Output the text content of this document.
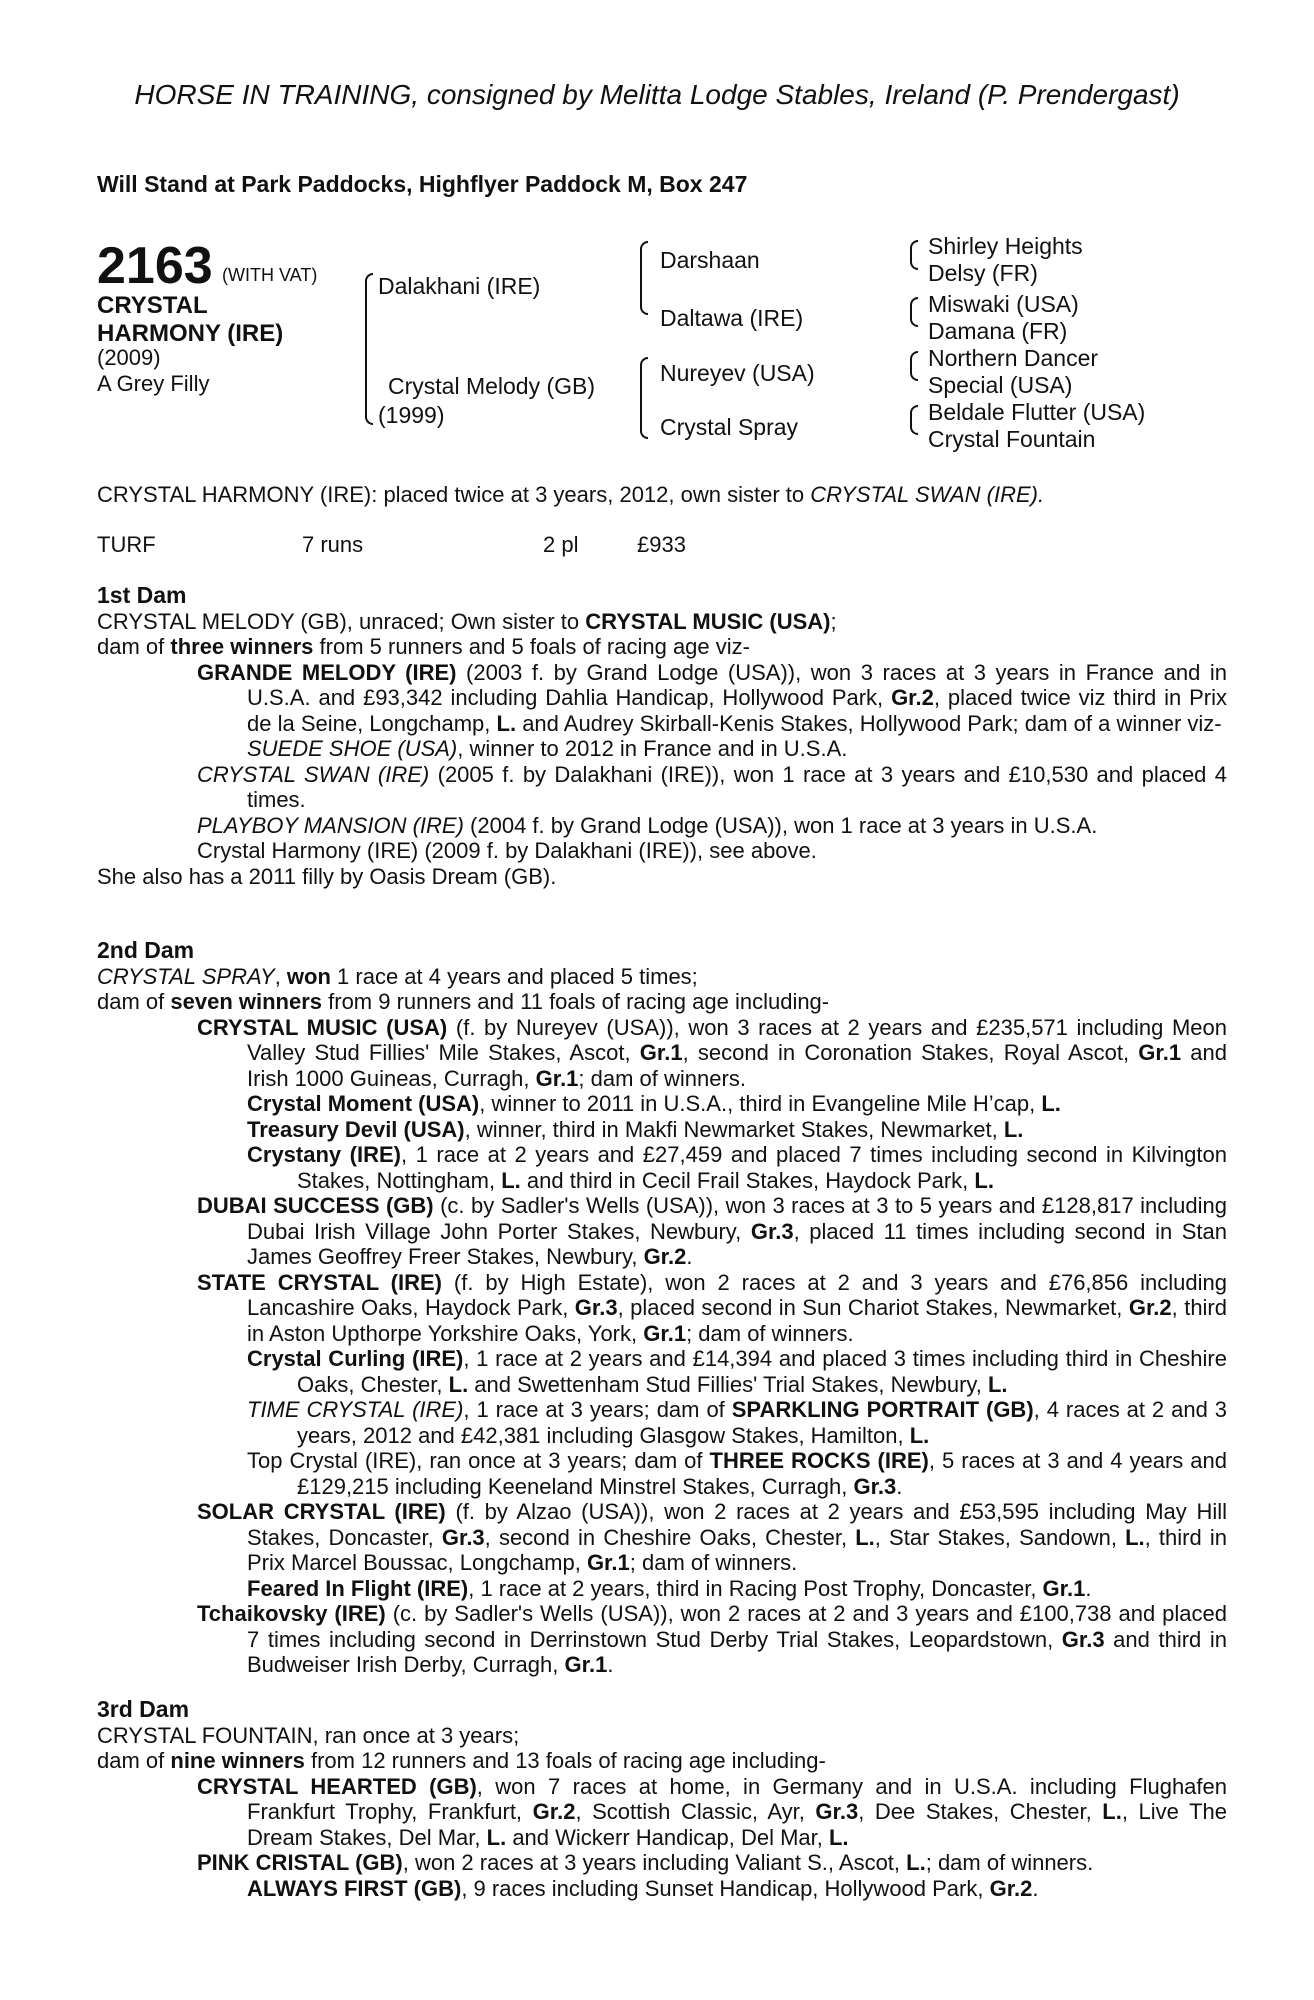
HORSE IN TRAINING, consigned by Melitta Lodge Stables, Ireland (P. Prendergast)
Will Stand at Park Paddocks, Highflyer Paddock M, Box 247
2163 (WITH VAT)
CRYSTAL
HARMONY (IRE)
(2009)
A Grey Filly
Dalakhani (IRE)
Crystal Melody (GB)
(1999)
Darshaan
Daltawa (IRE)
Nureyev (USA)
Crystal Spray
Shirley Heights
Delsy (FR)
Miswaki (USA)
Damana (FR)
Northern Dancer
Special (USA)
Beldale Flutter (USA)
Crystal Fountain
CRYSTAL HARMONY (IRE): placed twice at 3 years, 2012, own sister to CRYSTAL SWAN (IRE).
TURF	7 runs	2 pl	£933
1st Dam
CRYSTAL MELODY (GB), unraced; Own sister to CRYSTAL MUSIC (USA);
dam of three winners from 5 runners and 5 foals of racing age viz-
GRANDE MELODY (IRE) (2003 f. by Grand Lodge (USA)), won 3 races at 3 years in France and in U.S.A. and £93,342 including Dahlia Handicap, Hollywood Park, Gr.2, placed twice viz third in Prix de la Seine, Longchamp, L. and Audrey Skirball-Kenis Stakes, Hollywood Park; dam of a winner viz-
SUEDE SHOE (USA), winner to 2012 in France and in U.S.A.
CRYSTAL SWAN (IRE) (2005 f. by Dalakhani (IRE)), won 1 race at 3 years and £10,530 and placed 4 times.
PLAYBOY MANSION (IRE) (2004 f. by Grand Lodge (USA)), won 1 race at 3 years in U.S.A.
Crystal Harmony (IRE) (2009 f. by Dalakhani (IRE)), see above.
She also has a 2011 filly by Oasis Dream (GB).
2nd Dam
CRYSTAL SPRAY, won 1 race at 4 years and placed 5 times;
dam of seven winners from 9 runners and 11 foals of racing age including-
CRYSTAL MUSIC (USA) (f. by Nureyev (USA)), won 3 races at 2 years and £235,571 including Meon Valley Stud Fillies' Mile Stakes, Ascot, Gr.1, second in Coronation Stakes, Royal Ascot, Gr.1 and Irish 1000 Guineas, Curragh, Gr.1; dam of winners.
Crystal Moment (USA), winner to 2011 in U.S.A., third in Evangeline Mile H’cap, L.
Treasury Devil (USA), winner, third in Makfi Newmarket Stakes, Newmarket, L.
Crystany (IRE), 1 race at 2 years and £27,459 and placed 7 times including second in Kilvington Stakes, Nottingham, L. and third in Cecil Frail Stakes, Haydock Park, L.
DUBAI SUCCESS (GB) (c. by Sadler's Wells (USA)), won 3 races at 3 to 5 years and £128,817 including Dubai Irish Village John Porter Stakes, Newbury, Gr.3, placed 11 times including second in Stan James Geoffrey Freer Stakes, Newbury, Gr.2.
STATE CRYSTAL (IRE) (f. by High Estate), won 2 races at 2 and 3 years and £76,856 including Lancashire Oaks, Haydock Park, Gr.3, placed second in Sun Chariot Stakes, Newmarket, Gr.2, third in Aston Upthorpe Yorkshire Oaks, York, Gr.1; dam of winners.
Crystal Curling (IRE), 1 race at 2 years and £14,394 and placed 3 times including third in Cheshire Oaks, Chester, L. and Swettenham Stud Fillies' Trial Stakes, Newbury, L.
TIME CRYSTAL (IRE), 1 race at 3 years; dam of SPARKLING PORTRAIT (GB), 4 races at 2 and 3 years, 2012 and £42,381 including Glasgow Stakes, Hamilton, L.
Top Crystal (IRE), ran once at 3 years; dam of THREE ROCKS (IRE), 5 races at 3 and 4 years and £129,215 including Keeneland Minstrel Stakes, Curragh, Gr.3.
SOLAR CRYSTAL (IRE) (f. by Alzao (USA)), won 2 races at 2 years and £53,595 including May Hill Stakes, Doncaster, Gr.3, second in Cheshire Oaks, Chester, L., Star Stakes, Sandown, L., third in Prix Marcel Boussac, Longchamp, Gr.1; dam of winners.
Feared In Flight (IRE), 1 race at 2 years, third in Racing Post Trophy, Doncaster, Gr.1.
Tchaikovsky (IRE) (c. by Sadler's Wells (USA)), won 2 races at 2 and 3 years and £100,738 and placed 7 times including second in Derrinstown Stud Derby Trial Stakes, Leopardstown, Gr.3 and third in Budweiser Irish Derby, Curragh, Gr.1.
3rd Dam
CRYSTAL FOUNTAIN, ran once at 3 years;
dam of nine winners from 12 runners and 13 foals of racing age including-
CRYSTAL HEARTED (GB), won 7 races at home, in Germany and in U.S.A. including Flughafen Frankfurt Trophy, Frankfurt, Gr.2, Scottish Classic, Ayr, Gr.3, Dee Stakes, Chester, L., Live The Dream Stakes, Del Mar, L. and Wickerr Handicap, Del Mar, L.
PINK CRISTAL (GB), won 2 races at 3 years including Valiant S., Ascot, L.; dam of winners.
ALWAYS FIRST (GB), 9 races including Sunset Handicap, Hollywood Park, Gr.2.
